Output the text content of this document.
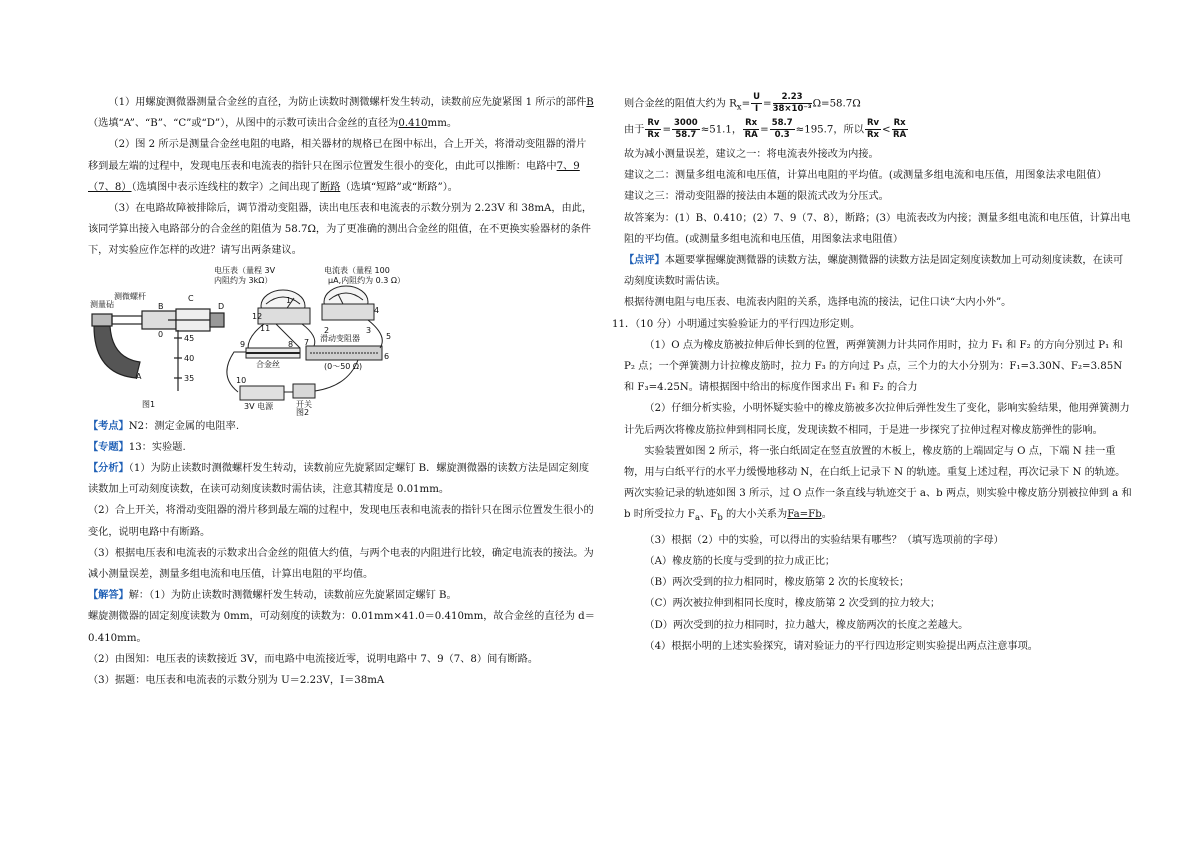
（1）用螺旋测微器测量合金丝的直径，为防止读数时测微螺杆发生转动，读数前应先旋紧图 1 所示的部件B（选填“A”、“B”、“C”或“D”），从图中的示数可读出合金丝的直径为0.410mm。

（2）图 2 所示是测量合金丝电阻的电路，相关器材的规格已在图中标出，合上开关，将滑动变阻器的滑片移到最左端的过程中，发现电压表和电流表的指针只在图示位置发生很小的变化，由此可以推断：电路中7、9（7、8）（选填图中表示连线柱的数字）之间出现了断路（选填“短路”或“断路”）。

（3）在电路故障被排除后，调节滑动变阻器，读出电压表和电流表的示数分别为 2.23V 和 38mA，由此，该同学算出接入电路部分的合金丝的阻值为 58.7Ω，为了更准确的测出合金丝的阻值，在不更换实验器材的条件下，对实验应作怎样的改进？请写出两条建议。

测量砧
测微螺杆
A
B
C
D
45
40
35
0
图1
电压表（量程 3V
内阻约为 3kΩ）
电流表（量程 100
μA,内阻约为 0.3 Ω）
合金丝
滑动变阻器
(0～50 Ω)
3V 电源	开关
图2
1
2	3
4
5
6
7
8
9
10
11
12

【考点】N2：测定金属的电阻率.

【专题】13：实验题.

【分析】（1）为防止读数时测微螺杆发生转动，读数前应先旋紧固定螺钉 B．螺旋测微器的读数方法是固定刻度读数加上可动刻度读数，在读可动刻度读数时需估读，注意其精度是 0.01mm。

（2）合上开关，将滑动变阻器的滑片移到最左端的过程中，发现电压表和电流表的指针只在图示位置发生很小的变化，说明电路中有断路。

（3）根据电压表和电流表的示数求出合金丝的阻值大约值，与两个电表的内阻进行比较，确定电流表的接法。为减小测量误差，测量多组电流和电压值，计算出电阻的平均值。

【解答】解：（1）为防止读数时测微螺杆发生转动，读数前应先旋紧固定螺钉 B。

螺旋测微器的固定刻度读数为 0mm，可动刻度的读数为：0.01mm×41.0＝0.410mm，故合金丝的直径为 d＝0.410mm。

（2）由图知：电压表的读数接近 3V，而电路中电流接近零，说明电路中 7、9（7、8）间有断路。

（3）据题：电压表和电流表的示数分别为 U＝2.23V，I＝38mA

则合金丝的阻值大约为 $R_x= \frac{U}{I} = \frac{2.23}{\text{38×10⁻³}} \Omega=58.7\Omega$

由于 $\frac{Rv}{Rx} = \frac{3000}{58.7} \approx 51.1$， $\frac{Rx}{RA} = \frac{58.7}{0.3} \approx 195.7$，所以 $\frac{Rv}{Rx} < \frac{Rx}{RA}$

故为减小测量误差，建议之一：将电流表外接改为内接。

建议之二：测量多组电流和电压值，计算出电阻的平均值。(或测量多组电流和电压值，用图象法求电阻值）

建议之三：滑动变阻器的接法由本题的限流式改为分压式。

故答案为：(1）B、0.410；(2）7、9（7、8），断路；(3）电流表改为内接；测量多组电流和电压值，计算出电阻的平均值。(或测量多组电流和电压值，用图象法求电阻值）

【点评】本题要掌握螺旋测微器的读数方法，螺旋测微器的读数方法是固定刻度读数加上可动刻度读数，在读可动刻度读数时需估读。

根据待测电阻与电压表、电流表内阻的关系，选择电流的接法，记住口诀“大内小外”。

11．（10 分）小明通过实验验证力的平行四边形定则。

（1）O 点为橡皮筋被拉伸后伸长到的位置，两弹簧测力计共同作用时，拉力 F₁ 和 F₂ 的方向分别过 P₁ 和 P₂ 点；一个弹簧测力计拉橡皮筋时，拉力 F₃ 的方向过 P₃ 点，三个力的大小分别为：F₁=3.30N、F₂=3.85N 和 F₃=4.25N。请根据图中给出的标度作图求出 F₁ 和 F₂ 的合力

（2）仔细分析实验，小明怀疑实验中的橡皮筋被多次拉伸后弹性发生了变化，影响实验结果，他用弹簧测力计先后两次将橡皮筋拉伸到相同长度，发现读数不相同，于是进一步探究了拉伸过程对橡皮筋弹性的影响。

实验装置如图 2 所示，将一张白纸固定在竖直放置的木板上，橡皮筋的上端固定与 O 点，下端 N 挂一重物，用与白纸平行的水平力缓慢地移动 N，在白纸上记录下 N 的轨迹。重复上述过程，再次记录下 N 的轨迹。

两次实验记录的轨迹如图 3 所示，过 O 点作一条直线与轨迹交于 a、b 两点，则实验中橡皮筋分别被拉伸到 a 和 b 时所受拉力 $F_a$、$F_b$ 的大小关系为Fa=Fb。

（3）根据（2）中的实验，可以得出的实验结果有哪些？（填写选项前的字母）

（A）橡皮筋的长度与受到的拉力成正比；

（B）两次受到的拉力相同时，橡皮筋第 2 次的长度较长；

（C）两次被拉伸到相同长度时，橡皮筋第 2 次受到的拉力较大；

（D）两次受到的拉力相同时，拉力越大，橡皮筋两次的长度之差越大。

（4）根据小明的上述实验探究，请对验证力的平行四边形定则实验提出两点注意事项。
